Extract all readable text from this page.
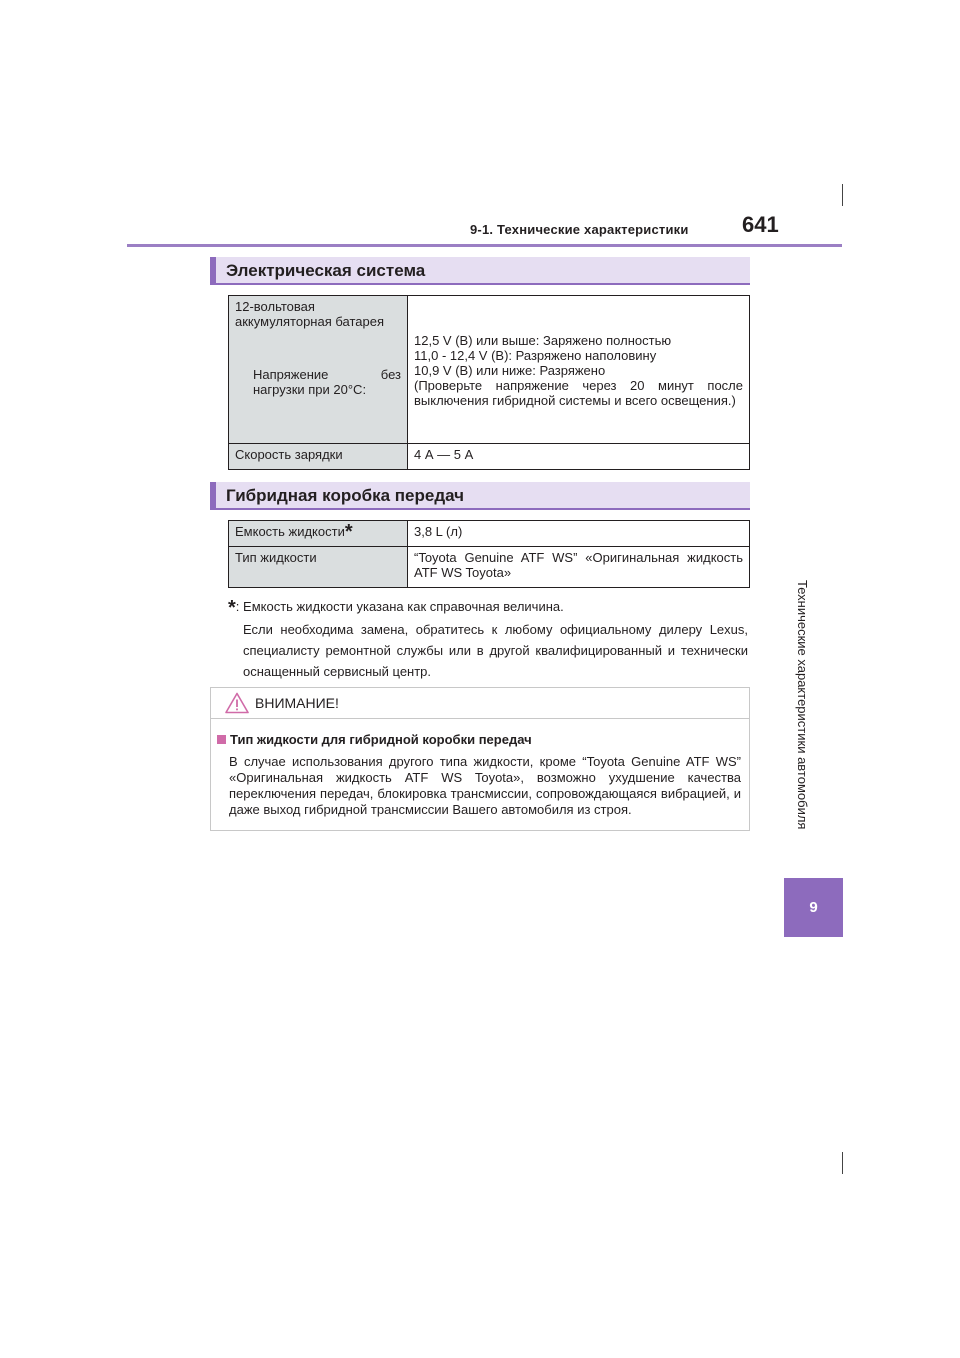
9-1. Технические характеристики 641
Технические характеристики автомобиля
9
Электрическая система
12-вольтовая аккумуляторная батарея
Напряжение без нагрузки при 20°C:	12,5 V (В) или выше: Заряжено полностью
11,0 - 12,4 V (В): Разряжено наполовину
10,9 V (В) или ниже: Разряжено
(Проверьте напряжение через 20 минут после выключения гибридной системы и всего освещения.)

Скорость зарядки	4 А — 5 А
Гибридная коробка передач
Емкость жидкости*	3,8 L (л)
Тип жидкости	“Toyota Genuine ATF WS” «Оригинальная жидкость ATF WS Toyota»
*: Емкость жидкости указана как справочная величина.
Если необходима замена, обратитесь к любому официальному дилеру Lexus, специалисту ремонтной службы или в другой квалифицированный и технически оснащенный сервисный центр.
ВНИМАНИЕ!
Тип жидкости для гибридной коробки передач
В случае использования другого типа жидкости, кроме “Toyota Genuine ATF WS” «Оригинальная жидкость ATF WS Toyota», возможно ухудшение качества переключения передач, блокировка трансмиссии, сопровождающаяся вибрацией, и даже выход гибридной трансмиссии Вашего автомобиля из строя.
